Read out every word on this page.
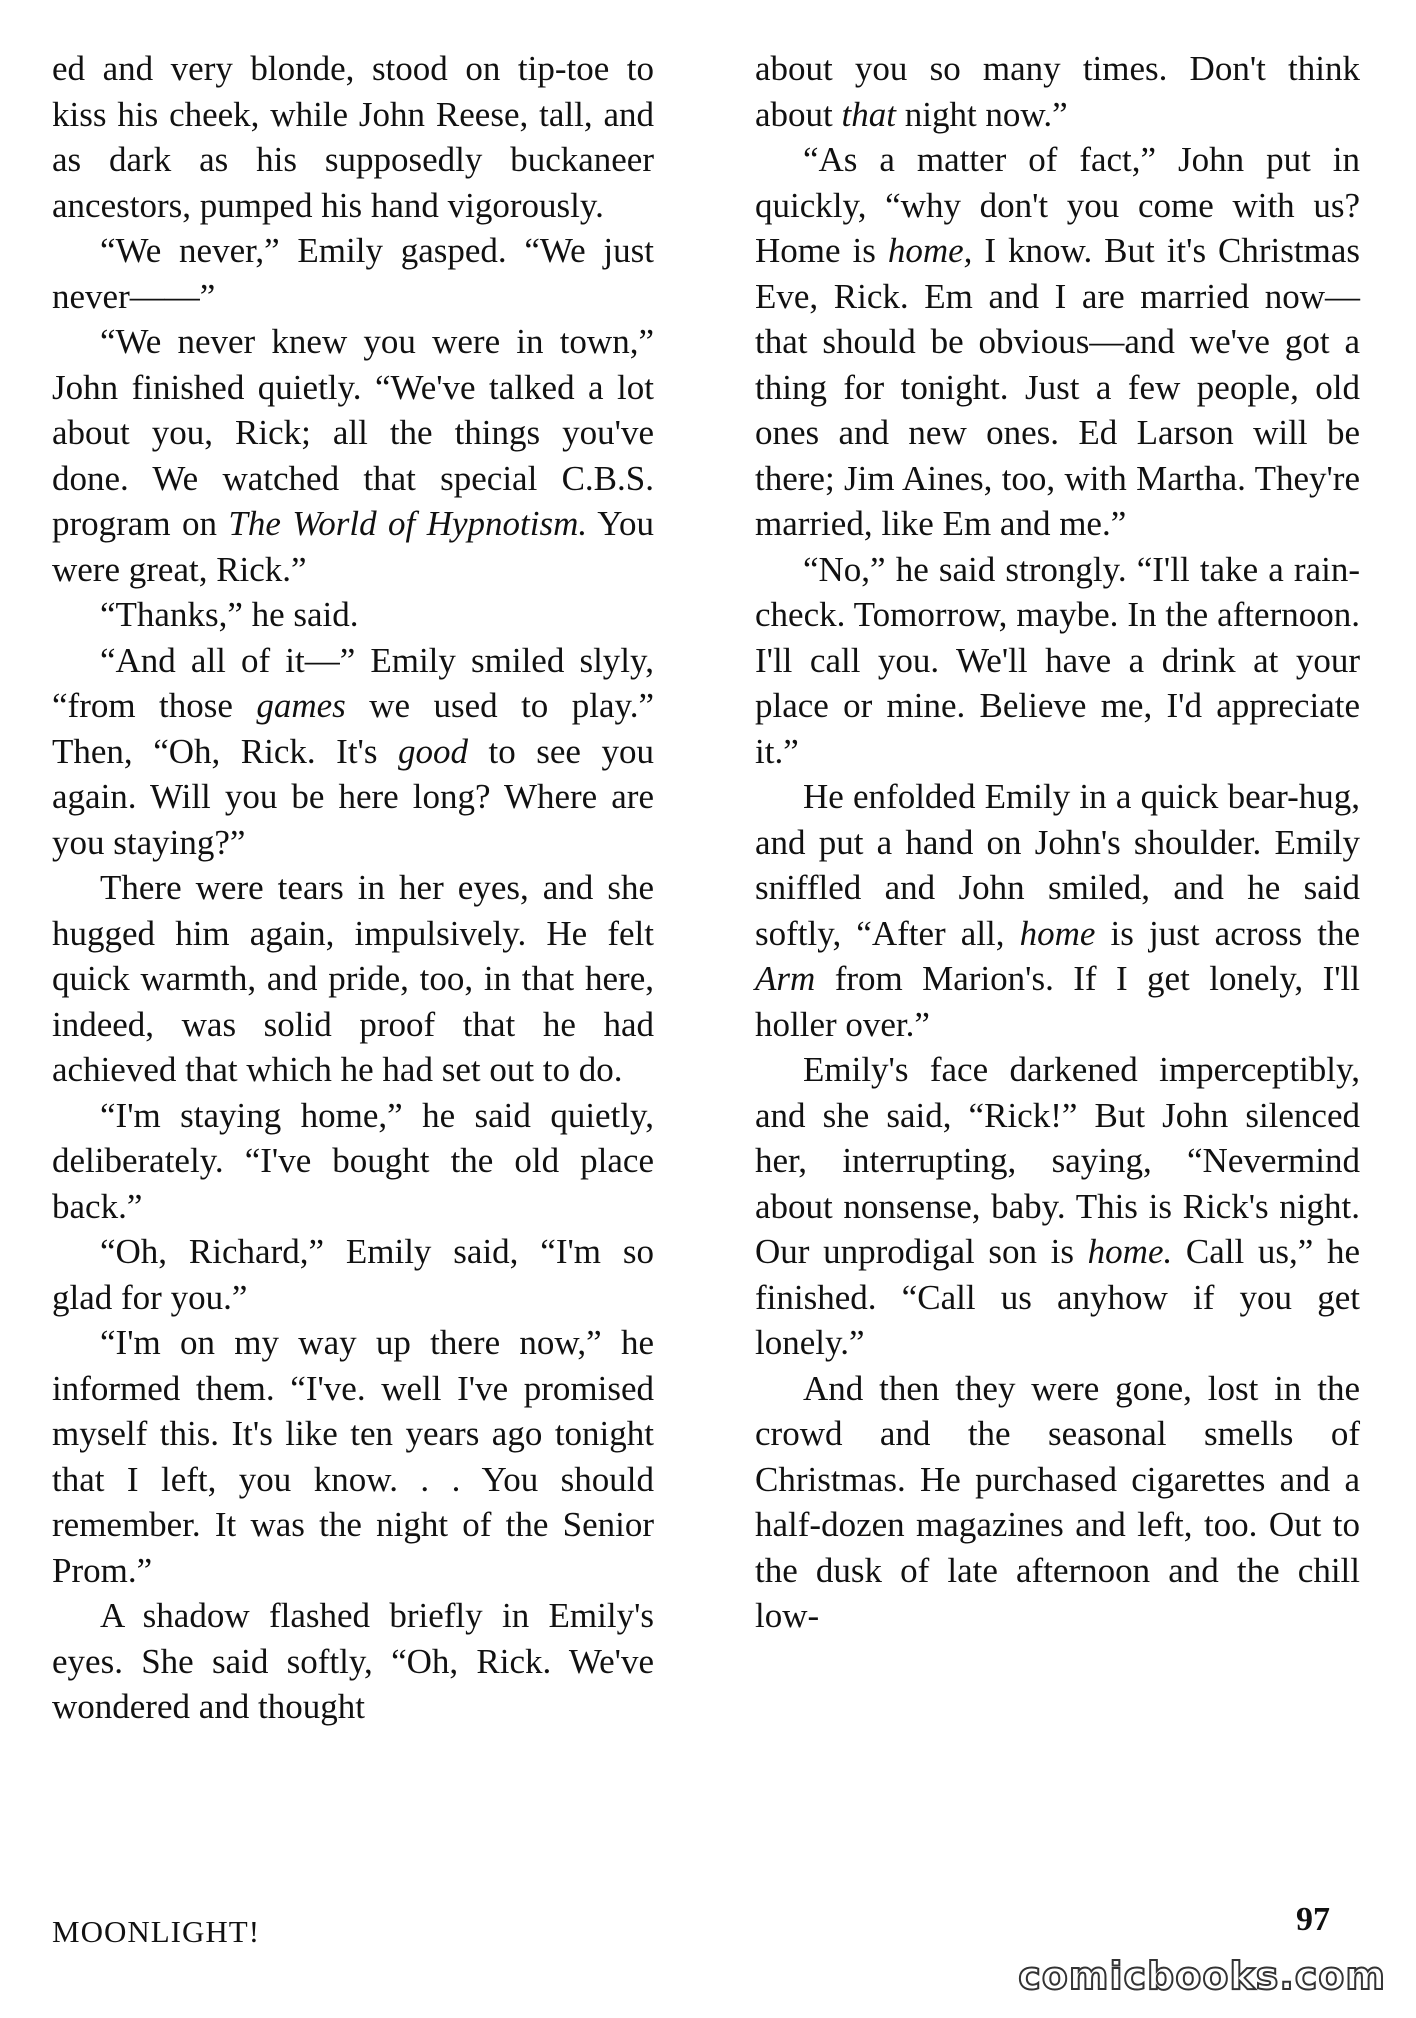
ed and very blonde, stood on tip-toe to kiss his cheek, while John Reese, tall, and as dark as his supposedly buckaneer ancestors, pumped his hand vigorously.

“We never,” Emily gasped. “We just never——”

“We never knew you were in town,” John finished quietly. “We've talked a lot about you, Rick; all the things you've done. We watched that special C.B.S. program on The World of Hypnotism. You were great, Rick.”

“Thanks,” he said.

“And all of it—” Emily smiled slyly, “from those games we used to play.” Then, “Oh, Rick. It's good to see you again. Will you be here long? Where are you staying?”

There were tears in her eyes, and she hugged him again, impulsively. He felt quick warmth, and pride, too, in that here, indeed, was solid proof that he had achieved that which he had set out to do.

“I'm staying home,” he said quietly, deliberately. “I've bought the old place back.”

“Oh, Richard,” Emily said, “I'm so glad for you.”

“I'm on my way up there now,” he informed them. “I've. well I've promised myself this. It's like ten years ago tonight that I left, you know. . . You should remember. It was the night of the Senior Prom.”

A shadow flashed briefly in Emily's eyes. She said softly, “Oh, Rick. We've wondered and thought

about you so many times. Don't think about that night now.”

“As a matter of fact,” John put in quickly, “why don't you come with us? Home is home, I know. But it's Christmas Eve, Rick. Em and I are married now—that should be obvious—and we've got a thing for tonight. Just a few people, old ones and new ones. Ed Larson will be there; Jim Aines, too, with Martha. They're married, like Em and me.”

“No,” he said strongly. “I'll take a rain-check. Tomorrow, maybe. In the afternoon. I'll call you. We'll have a drink at your place or mine. Believe me, I'd appreciate it.”

He enfolded Emily in a quick bear-hug, and put a hand on John's shoulder. Emily sniffled and John smiled, and he said softly, “After all, home is just across the Arm from Marion's. If I get lonely, I'll holler over.”

Emily's face darkened imperceptibly, and she said, “Rick!” But John silenced her, interrupting, saying, “Nevermind about nonsense, baby. This is Rick's night. Our unprodigal son is home. Call us,” he finished. “Call us anyhow if you get lonely.”

And then they were gone, lost in the crowd and the seasonal smells of Christmas. He purchased cigarettes and a half-dozen magazines and left, too. Out to the dusk of late afternoon and the chill low-

MOONLIGHT!	97
comicbooks.com
